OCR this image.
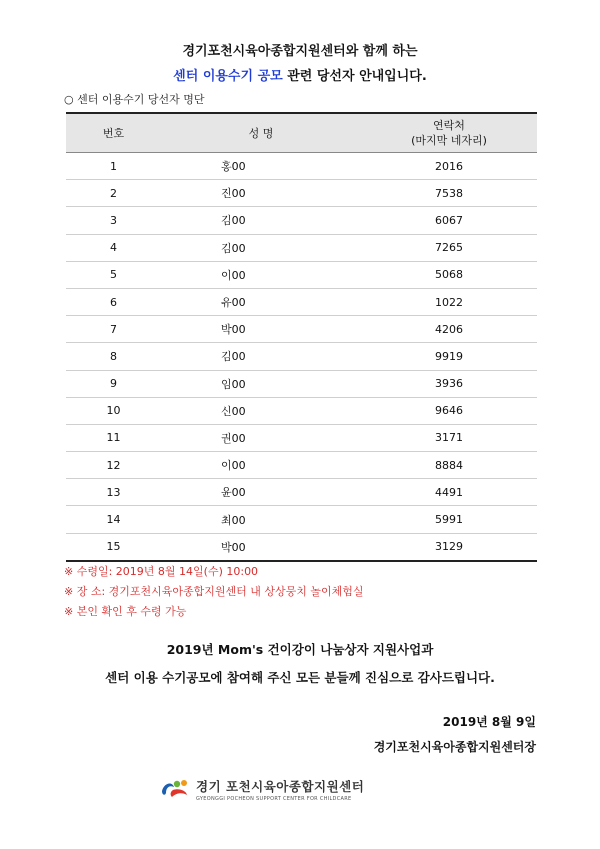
경기포천시육아종합지원센터와 함께 하는
센터 이용수기 공모 관련 당선자 안내입니다.
○ 센터 이용수기 당선자 명단
번호	성 명	연락처
(마지막 네자리)

1	홍00	2016
2	진00	7538
3	김00	6067
4	김00	7265
5	이00	5068
6	유00	1022
7	박00	4206
8	김00	9919
9	임00	3936
10	신00	9646
11	권00	3171
12	이00	8884
13	윤00	4491
14	최00	5991
15	박00	3129
※ 수령일: 2019년 8월 14일(수) 10:00
※ 장 소: 경기포천시육아종합지원센터 내 상상뭉치 놀이체험실
※ 본인 확인 후 수령 가능
2019년 Mom's 건이강이 나눔상자 지원사업과
센터 이용 수기공모에 참여해 주신 모든 분들께 진심으로 감사드립니다.
2019년 8월 9일
경기포천시육아종합지원센터장
경기 포천시육아종합지원센터
GYEONGGI POCHEON SUPPORT CENTER FOR CHILDCARE
